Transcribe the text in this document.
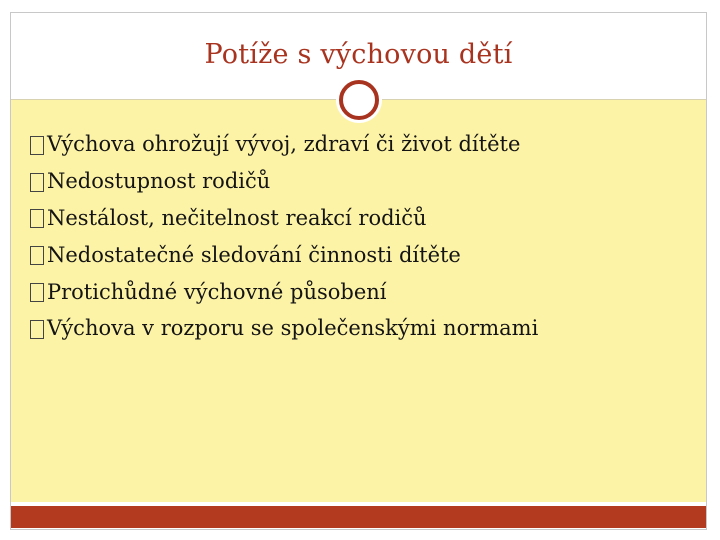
Potíže s výchovou dětí
Výchova ohrožují vývoj, zdraví či život dítěte
Nedostupnost rodičů
Nestálost, nečitelnost reakcí rodičů
Nedostatečné sledování činnosti dítěte
Protichůdné výchovné působení
Výchova v rozporu se společenskými normami
